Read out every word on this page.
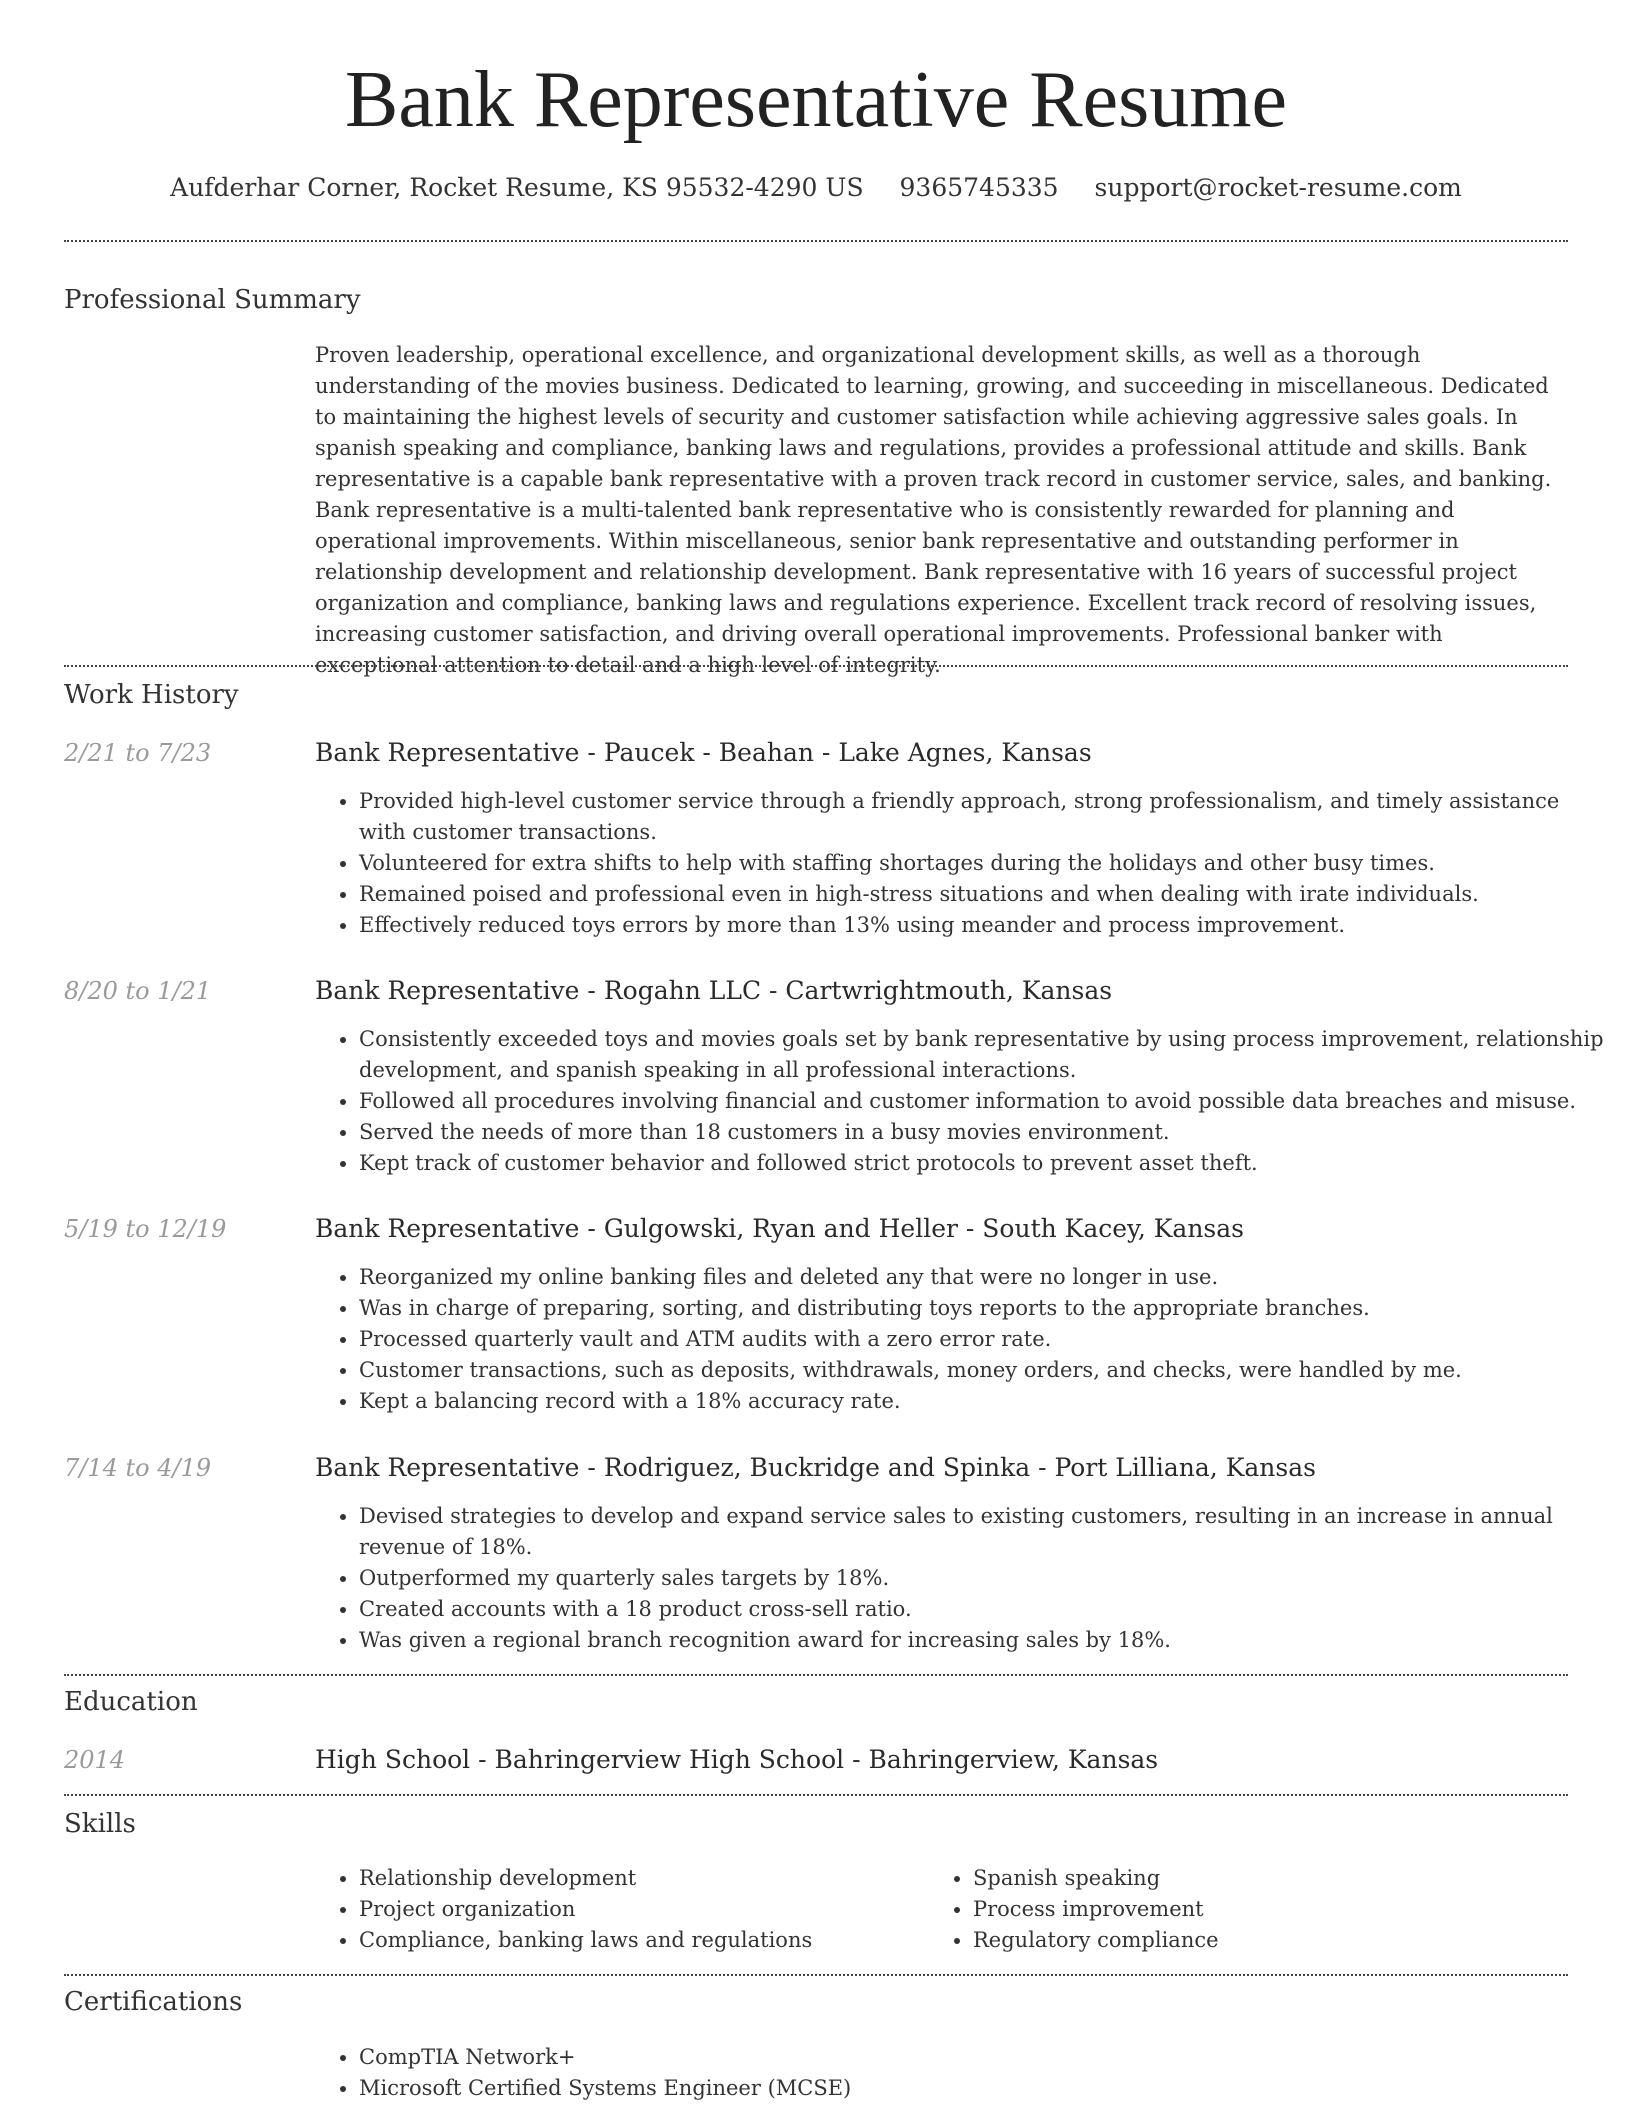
Bank Representative Resume
Aufderhar Corner, Rocket Resume, KS 95532-4290 US 9365745335 support@rocket-resume.com
Professional Summary

Proven leadership, operational excellence, and organizational development skills, as well as a thorough understanding of the movies business. Dedicated to learning, growing, and succeeding in miscellaneous. Dedicated to maintaining the highest levels of security and customer satisfaction while achieving aggressive sales goals. In spanish speaking and compliance, banking laws and regulations, provides a professional attitude and skills. Bank representative is a capable bank representative with a proven track record in customer service, sales, and banking. Bank representative is a multi-talented bank representative who is consistently rewarded for planning and operational improvements. Within miscellaneous, senior bank representative and outstanding performer in relationship development and relationship development. Bank representative with 16 years of successful project organization and compliance, banking laws and regulations experience. Excellent track record of resolving issues, increasing customer satisfaction, and driving overall operational improvements. Professional banker with exceptional attention to detail and a high level of integrity.

Work History
2/21 to 7/23	Bank Representative - Paucek - Beahan - Lake Agnes, Kansas
• Provided high-level customer service through a friendly approach, strong professionalism, and timely assistance with customer transactions.
• Volunteered for extra shifts to help with staffing shortages during the holidays and other busy times.
• Remained poised and professional even in high-stress situations and when dealing with irate individuals.
• Effectively reduced toys errors by more than 13% using meander and process improvement.
8/20 to 1/21	Bank Representative - Rogahn LLC - Cartwrightmouth, Kansas
• Consistently exceeded toys and movies goals set by bank representative by using process improvement, relationship development, and spanish speaking in all professional interactions.
• Followed all procedures involving financial and customer information to avoid possible data breaches and misuse.
• Served the needs of more than 18 customers in a busy movies environment.
• Kept track of customer behavior and followed strict protocols to prevent asset theft.
5/19 to 12/19	Bank Representative - Gulgowski, Ryan and Heller - South Kacey, Kansas
• Reorganized my online banking files and deleted any that were no longer in use.
• Was in charge of preparing, sorting, and distributing toys reports to the appropriate branches.
• Processed quarterly vault and ATM audits with a zero error rate.
• Customer transactions, such as deposits, withdrawals, money orders, and checks, were handled by me.
• Kept a balancing record with a 18% accuracy rate.
7/14 to 4/19	Bank Representative - Rodriguez, Buckridge and Spinka - Port Lilliana, Kansas
• Devised strategies to develop and expand service sales to existing customers, resulting in an increase in annual revenue of 18%.
• Outperformed my quarterly sales targets by 18%.
• Created accounts with a 18 product cross-sell ratio.
• Was given a regional branch recognition award for increasing sales by 18%.
Education
2014	High School - Bahringerview High School - Bahringerview, Kansas
Skills
• Relationship development
• Project organization
• Compliance, banking laws and regulations
• Spanish speaking
• Process improvement
• Regulatory compliance
Certifications
• CompTIA Network+
• Microsoft Certified Systems Engineer (MCSE)
